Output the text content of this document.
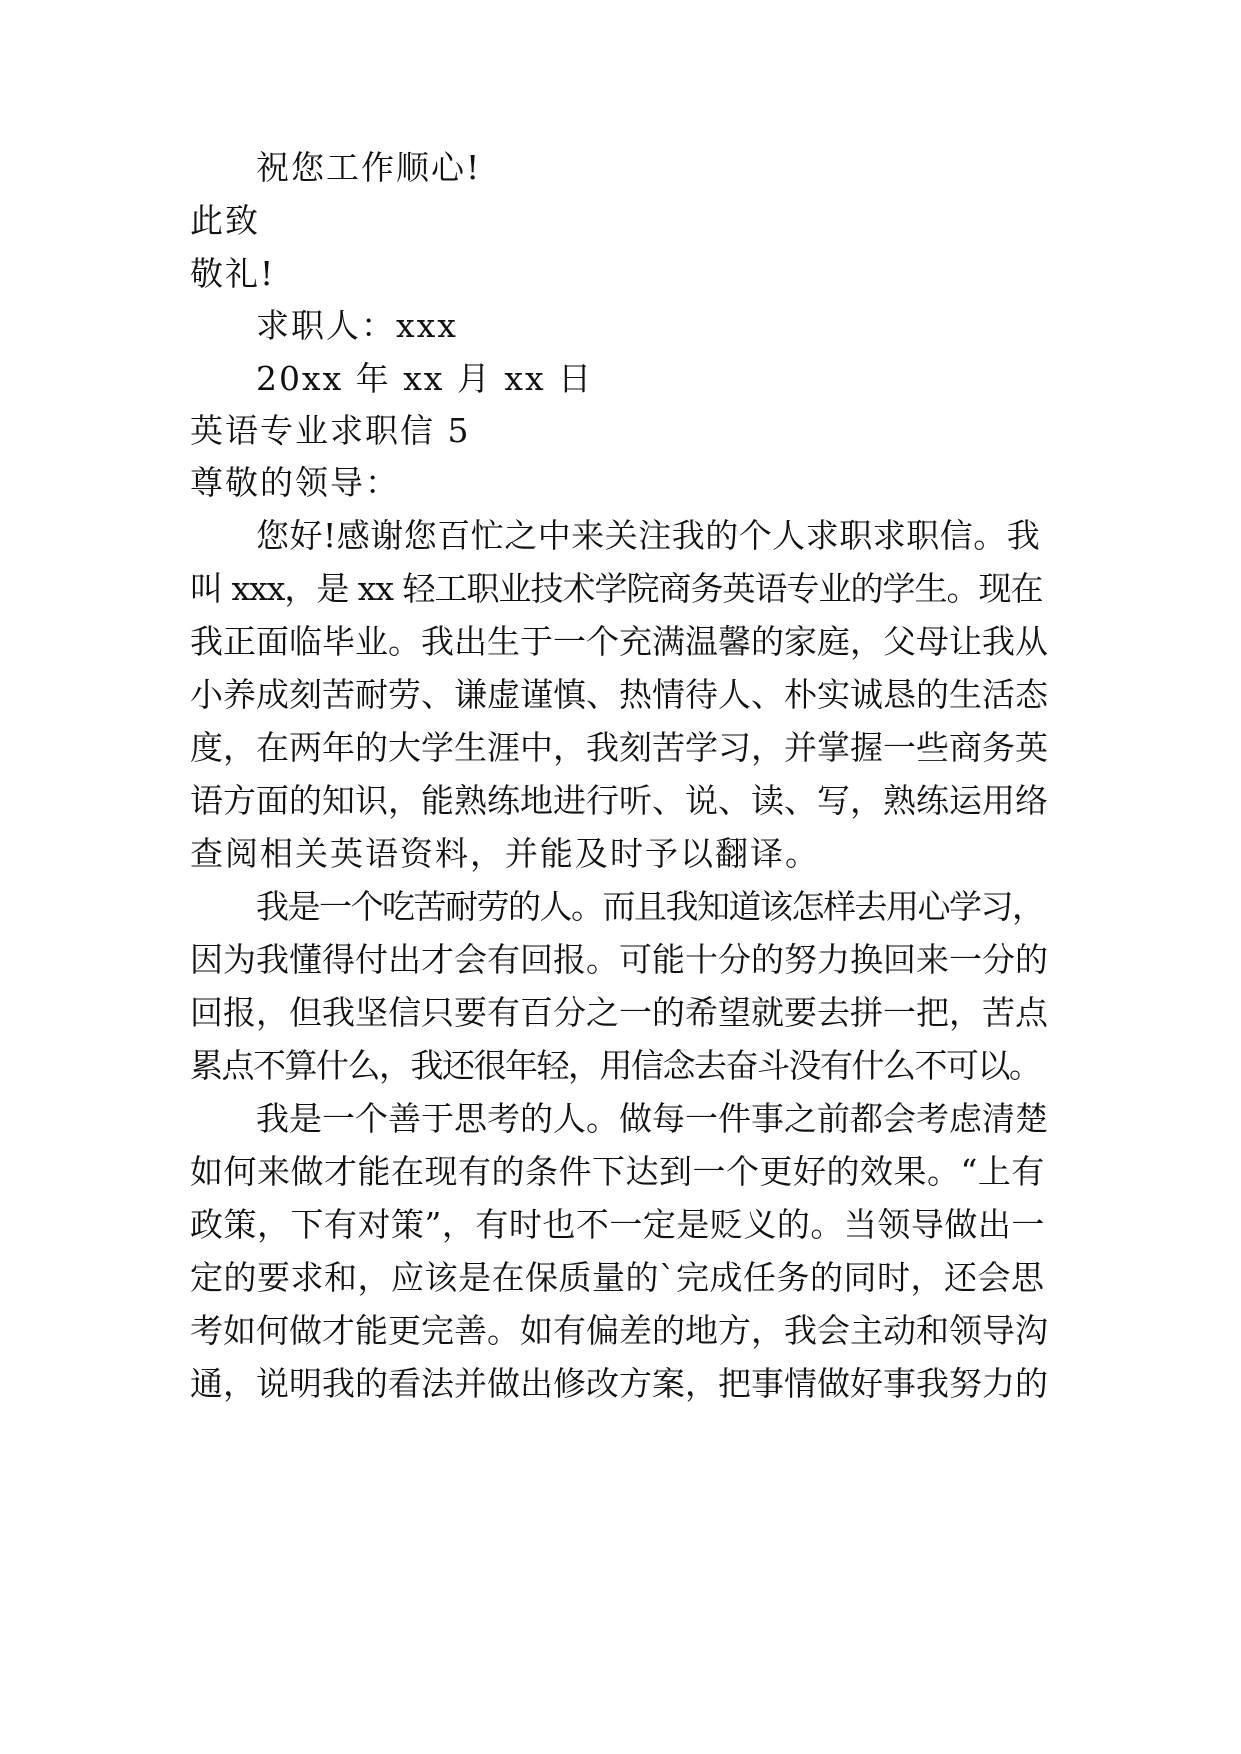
祝您工作顺心!
此致
敬礼!
求职人：xxx
20xx 年 xx 月 xx 日
英语专业求职信 5
尊敬的领导：
您好!感谢您百忙之中来关注我的个人求职求职信。我
叫 xxx，是 xx 轻工职业技术学院商务英语专业的学生。现在
我正面临毕业。我出生于一个充满温馨的家庭，父母让我从
小养成刻苦耐劳、谦虚谨慎、热情待人、朴实诚恳的生活态
度，在两年的大学生涯中，我刻苦学习，并掌握一些商务英
语方面的知识，能熟练地进行听、说、读、写，熟练运用络
查阅相关英语资料，并能及时予以翻译。
我是一个吃苦耐劳的人。而且我知道该怎样去用心学习，
因为我懂得付出才会有回报。可能十分的努力换回来一分的
回报，但我坚信只要有百分之一的希望就要去拼一把，苦点
累点不算什么，我还很年轻，用信念去奋斗没有什么不可以。
我是一个善于思考的人。做每一件事之前都会考虑清楚
如何来做才能在现有的条件下达到一个更好的效果。“上有
政策，下有对策”，有时也不一定是贬义的。当领导做出一
定的要求和，应该是在保质量的`完成任务的同时，还会思
考如何做才能更完善。如有偏差的地方，我会主动和领导沟
通，说明我的看法并做出修改方案，把事情做好事我努力的
